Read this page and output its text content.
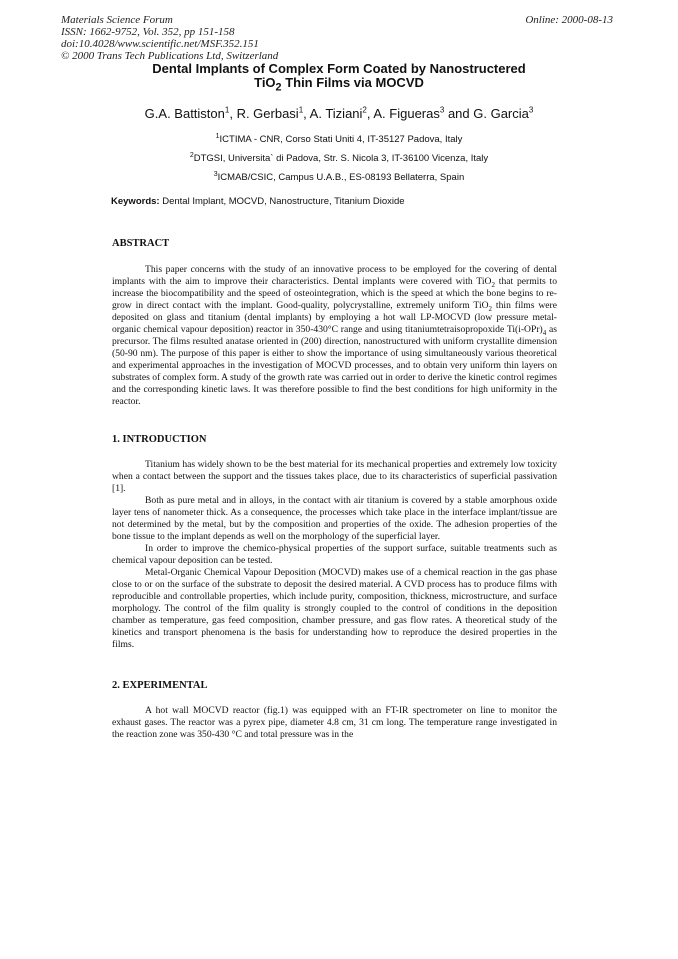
Materials Science Forum
ISSN: 1662-9752, Vol. 352, pp 151-158
doi:10.4028/www.scientific.net/MSF.352.151
© 2000 Trans Tech Publications Ltd, Switzerland
Online: 2000-08-13
Dental Implants of Complex Form Coated by Nanostructered
TiO$_2$ Thin Films via MOCVD
G.A. Battiston$^1$, R. Gerbasi$^1$, A. Tiziani$^2$, A. Figueras$^3$ and G. Garcia$^3$
$^1$ICTIMA - CNR, Corso Stati Uniti 4, IT-35127 Padova, Italy
$^2$DTGSI, Universita` di Padova, Str. S. Nicola 3, IT-36100 Vicenza, Italy
$^3$ICMAB/CSIC, Campus U.A.B., ES-08193 Bellaterra, Spain
Keywords: Dental Implant, MOCVD, Nanostructure, Titanium Dioxide
ABSTRACT

This paper concerns with the study of an innovative process to be employed for the covering of dental implants with the aim to improve their characteristics. Dental implants were covered with TiO$_2$ that permits to increase the biocompatibility and the speed of osteointegration, which is the speed at which the bone begins to re-grow in direct contact with the implant. Good-quality, polycrystalline, extremely uniform TiO$_2$ thin films were deposited on glass and titanium (dental implants) by employing a hot wall LP-MOCVD (low pressure metal-organic chemical vapour deposition) reactor in 350-430°C range and using titaniumtetraisopropoxide $Ti(i-OPr)_4$ as precursor. The films resulted anatase oriented in (200) direction, nanostructured with uniform crystallite dimension (50-90 nm). The purpose of this paper is either to show the importance of using simultaneously various theoretical and experimental approaches in the investigation of MOCVD processes, and to obtain very uniform thin layers on substrates of complex form. A study of the growth rate was carried out in order to derive the kinetic control regimes and the corresponding kinetic laws. It was therefore possible to find the best conditions for high uniformity in the reactor.

1. INTRODUCTION

Titanium has widely shown to be the best material for its mechanical properties and extremely low toxicity when a contact between the support and the tissues takes place, due to its characteristics of superficial passivation [1].

Both as pure metal and in alloys, in the contact with air titanium is covered by a stable amorphous oxide layer tens of nanometer thick. As a consequence, the processes which take place in the interface implant/tissue are not determined by the metal, but by the composition and properties of the oxide. The adhesion properties of the bone tissue to the implant depends as well on the morphology of the superficial layer.

In order to improve the chemico-physical properties of the support surface, suitable treatments such as chemical vapour deposition can be tested.

Metal-Organic Chemical Vapour Deposition (MOCVD) makes use of a chemical reaction in the gas phase close to or on the surface of the substrate to deposit the desired material. A CVD process has to produce films with reproducible and controllable properties, which include purity, composition, thickness, microstructure, and surface morphology. The control of the film quality is strongly coupled to the control of conditions in the deposition chamber as temperature, gas feed composition, chamber pressure, and gas flow rates. A theoretical study of the kinetics and transport phenomena is the basis for understanding how to reproduce the desired properties in the films.

2. EXPERIMENTAL

A hot wall MOCVD reactor (fig.1) was equipped with an FT-IR spectrometer on line to monitor the exhaust gases. The reactor was a pyrex pipe, diameter 4.8 cm, 31 cm long. The temperature range investigated in the reaction zone was 350-430 °C and total pressure was in the
